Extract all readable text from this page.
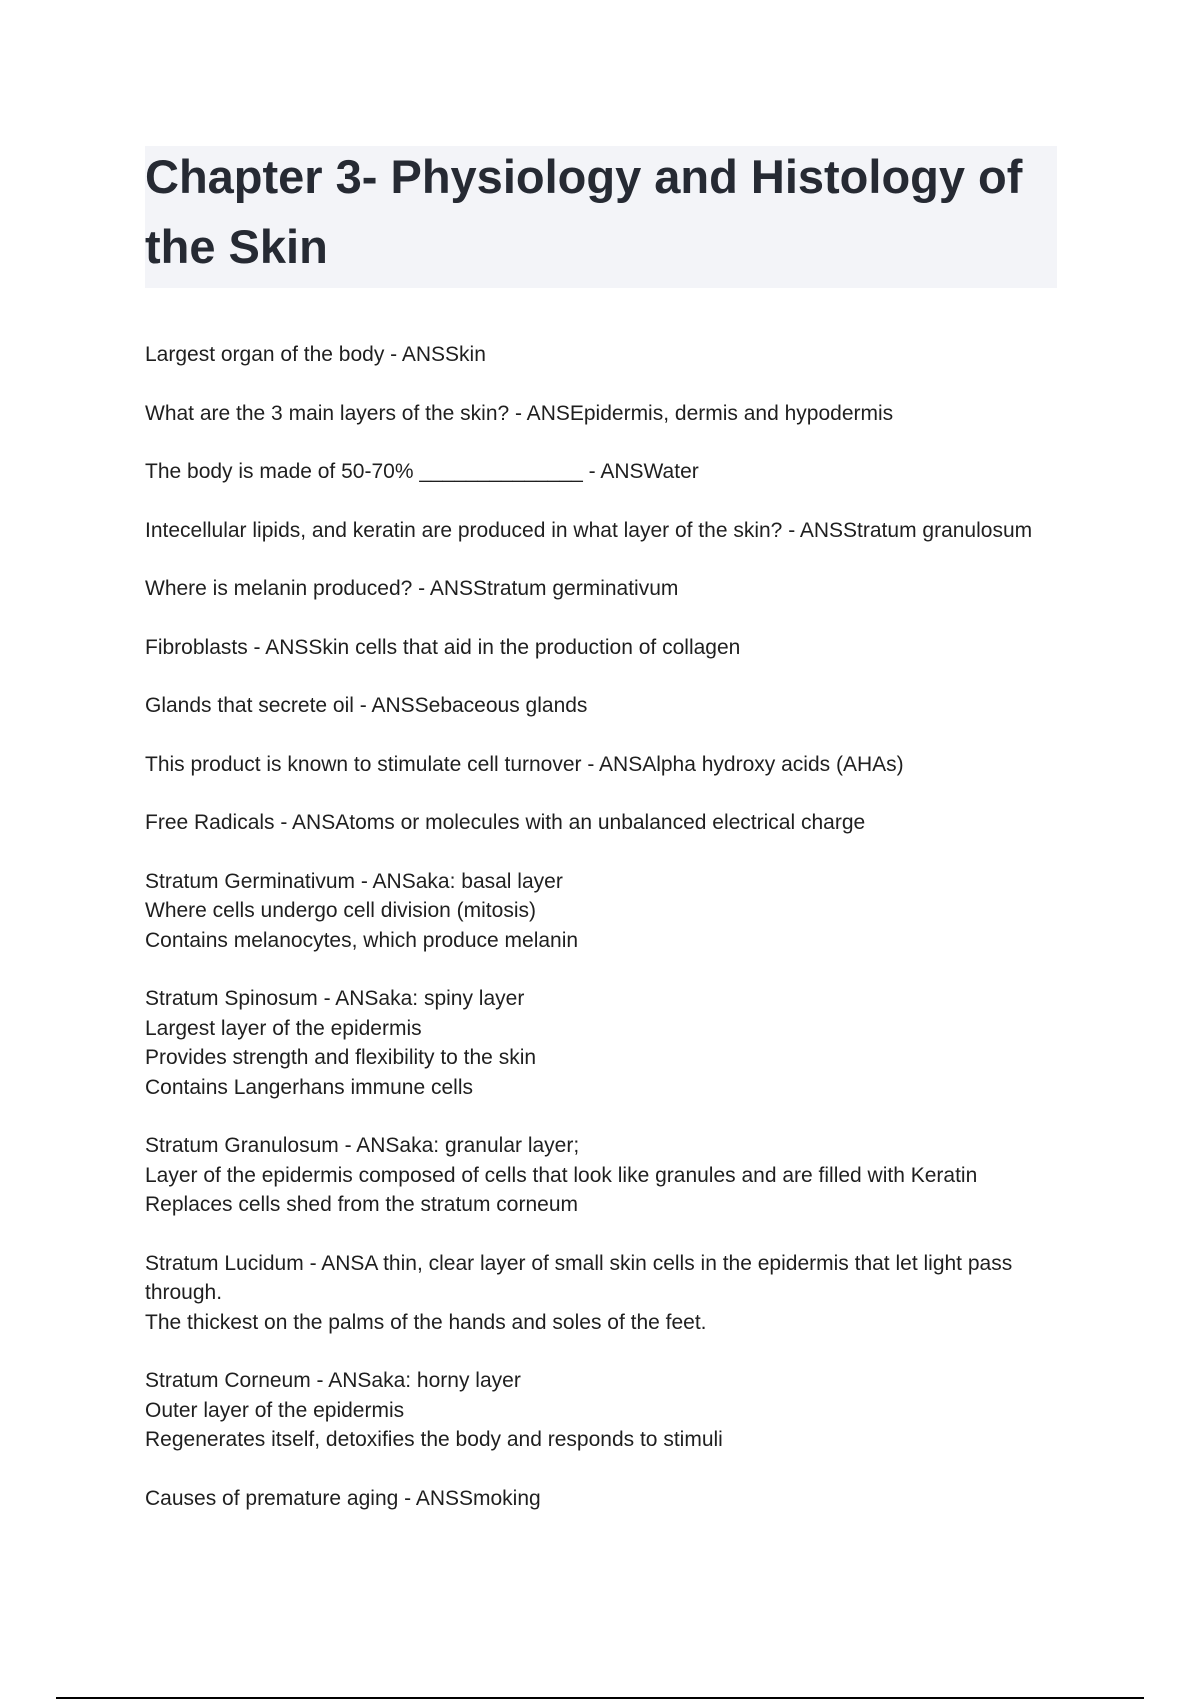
Chapter 3- Physiology and Histology of the Skin
Largest organ of the body - ANSSkin
What are the 3 main layers of the skin? - ANSEpidermis, dermis and hypodermis
The body is made of 50-70% ______________ - ANSWater
Intecellular lipids, and keratin are produced in what layer of the skin? - ANSStratum granulosum
Where is melanin produced? - ANSStratum germinativum
Fibroblasts - ANSSkin cells that aid in the production of collagen
Glands that secrete oil - ANSSebaceous glands
This product is known to stimulate cell turnover - ANSAlpha hydroxy acids (AHAs)
Free Radicals - ANSAtoms or molecules with an unbalanced electrical charge
Stratum Germinativum - ANSaka: basal layer
Where cells undergo cell division (mitosis)
Contains melanocytes, which produce melanin
Stratum Spinosum - ANSaka: spiny layer
Largest layer of the epidermis
Provides strength and flexibility to the skin
Contains Langerhans immune cells
Stratum Granulosum - ANSaka: granular layer;
Layer of the epidermis composed of cells that look like granules and are filled with Keratin
Replaces cells shed from the stratum corneum
Stratum Lucidum - ANSA thin, clear layer of small skin cells in the epidermis that let light pass through.
The thickest on the palms of the hands and soles of the feet.
Stratum Corneum - ANSaka: horny layer
Outer layer of the epidermis
Regenerates itself, detoxifies the body and responds to stimuli
Causes of premature aging - ANSSmoking
